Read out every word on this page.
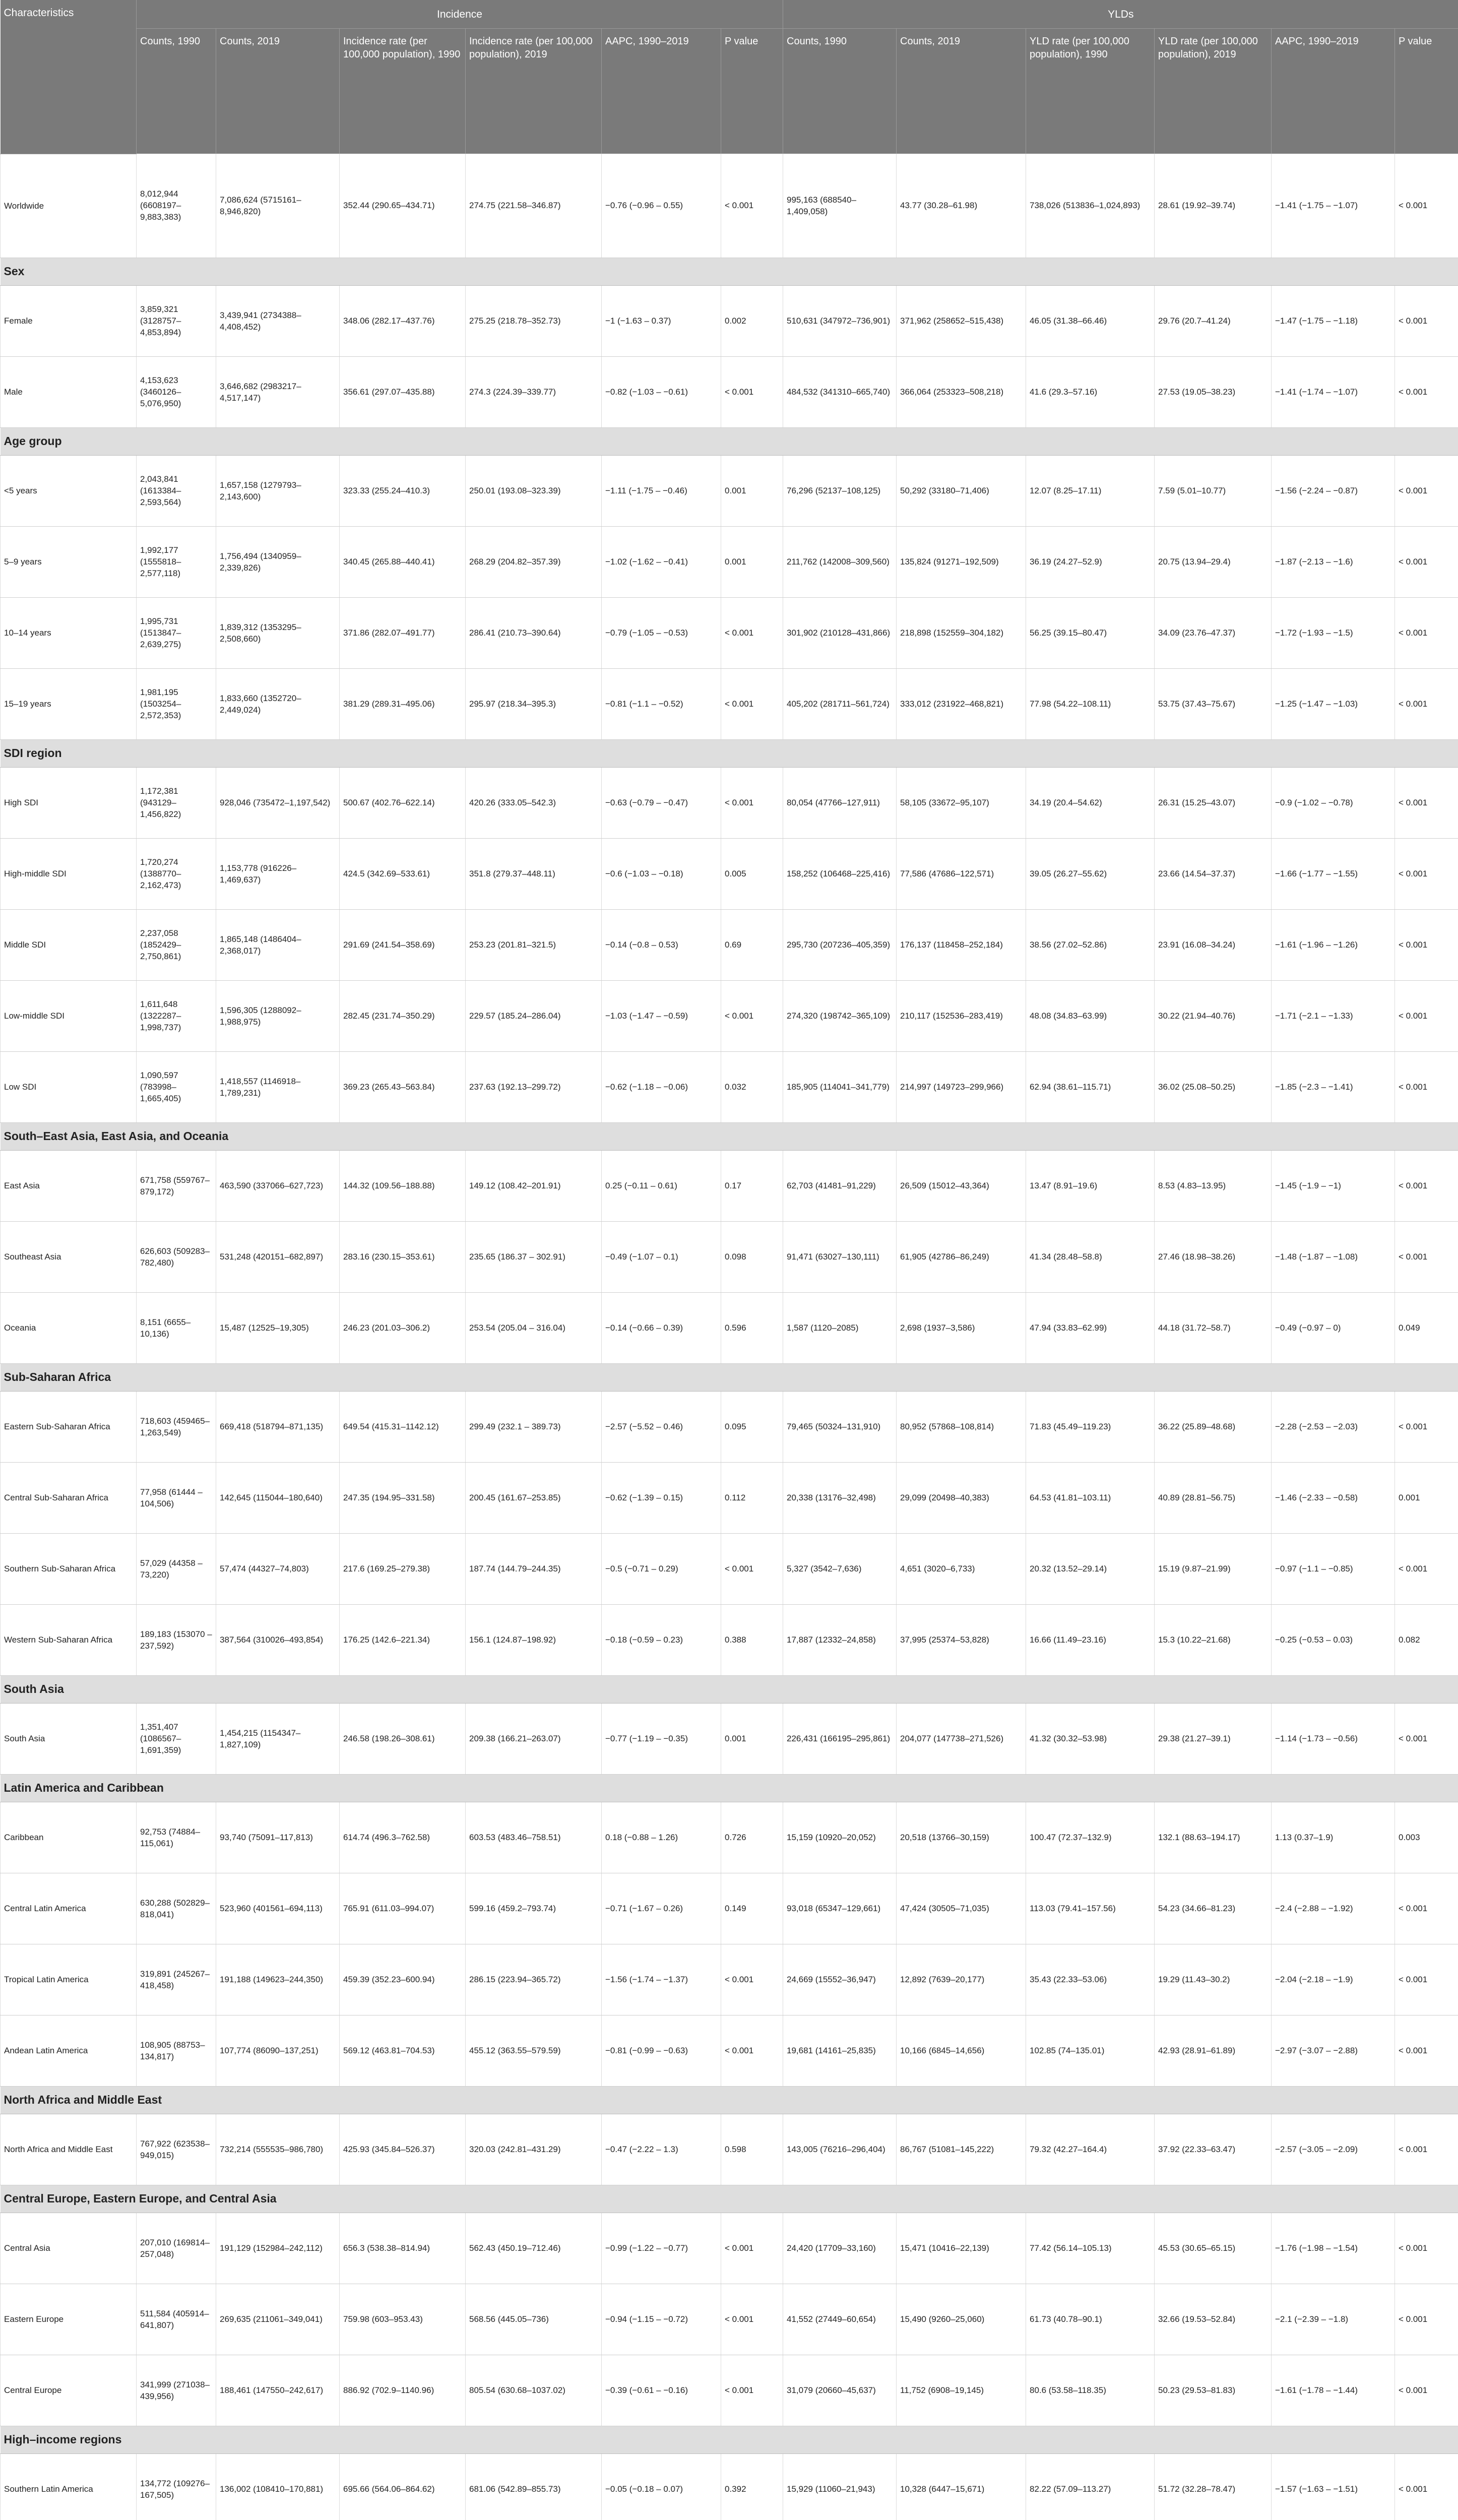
Characteristics	Incidence						YLDs					
	Counts, 1990	Counts, 2019	Incidence rate (per 100,000 population), 1990	Incidence rate (per 100,000 population), 2019	AAPC, 1990–2019	P value	Counts, 1990	Counts, 2019	YLD rate (per 100,000 population), 1990	YLD rate (per 100,000 population), 2019	AAPC, 1990–2019	P value
Worldwide	8,012,944 (6608197–9,883,383)	7,086,624 (5715161–8,946,820)	352.44 (290.65–434.71)	274.75 (221.58–346.87)	−0.76 (−0.96 – 0.55)	< 0.001	995,163 (688540–1,409,058)	43.77 (30.28–61.98)	738,026 (513836–1,024,893)	28.61 (19.92–39.74)	−1.41 (−1.75 – −1.07)	< 0.001
Sex												
Female	3,859,321 (3128757–4,853,894)	3,439,941 (2734388–4,408,452)	348.06 (282.17–437.76)	275.25 (218.78–352.73)	−1 (−1.63 – 0.37)	0.002	510,631 (347972–736,901)	371,962 (258652–515,438)	46.05 (31.38–66.46)	29.76 (20.7–41.24)	−1.47 (−1.75 – −1.18)	< 0.001
Male	4,153,623 (3460126–5,076,950)	3,646,682 (2983217–4,517,147)	356.61 (297.07–435.88)	274.3 (224.39–339.77)	−0.82 (−1.03 – −0.61)	< 0.001	484,532 (341310–665,740)	366,064 (253323–508,218)	41.6 (29.3–57.16)	27.53 (19.05–38.23)	−1.41 (−1.74 – −1.07)	< 0.001
Age group												
<5 years	2,043,841 (1613384–2,593,564)	1,657,158 (1279793–2,143,600)	323.33 (255.24–410.3)	250.01 (193.08–323.39)	−1.11 (−1.75 – −0.46)	0.001	76,296 (52137–108,125)	50,292 (33180–71,406)	12.07 (8.25–17.11)	7.59 (5.01–10.77)	−1.56 (−2.24 – −0.87)	< 0.001
5–9 years	1,992,177 (1555818–2,577,118)	1,756,494 (1340959–2,339,826)	340.45 (265.88–440.41)	268.29 (204.82–357.39)	−1.02 (−1.62 – −0.41)	0.001	211,762 (142008–309,560)	135,824 (91271–192,509)	36.19 (24.27–52.9)	20.75 (13.94–29.4)	−1.87 (−2.13 – −1.6)	< 0.001
10–14 years	1,995,731 (1513847–2,639,275)	1,839,312 (1353295–2,508,660)	371.86 (282.07–491.77)	286.41 (210.73–390.64)	−0.79 (−1.05 – −0.53)	< 0.001	301,902 (210128–431,866)	218,898 (152559–304,182)	56.25 (39.15–80.47)	34.09 (23.76–47.37)	−1.72 (−1.93 – −1.5)	< 0.001
15–19 years	1,981,195 (1503254–2,572,353)	1,833,660 (1352720–2,449,024)	381.29 (289.31–495.06)	295.97 (218.34–395.3)	−0.81 (−1.1 – −0.52)	< 0.001	405,202 (281711–561,724)	333,012 (231922–468,821)	77.98 (54.22–108.11)	53.75 (37.43–75.67)	−1.25 (−1.47 – −1.03)	< 0.001
SDI region												
High SDI	1,172,381 (943129–1,456,822)	928,046 (735472–1,197,542)	500.67 (402.76–622.14)	420.26 (333.05–542.3)	−0.63 (−0.79 – −0.47)	< 0.001	80,054 (47766–127,911)	58,105 (33672–95,107)	34.19 (20.4–54.62)	26.31 (15.25–43.07)	−0.9 (−1.02 – −0.78)	< 0.001
High-middle SDI	1,720,274 (1388770–2,162,473)	1,153,778 (916226–1,469,637)	424.5 (342.69–533.61)	351.8 (279.37–448.11)	−0.6 (−1.03 – −0.18)	0.005	158,252 (106468–225,416)	77,586 (47686–122,571)	39.05 (26.27–55.62)	23.66 (14.54–37.37)	−1.66 (−1.77 – −1.55)	< 0.001
Middle SDI	2,237,058 (1852429–2,750,861)	1,865,148 (1486404–2,368,017)	291.69 (241.54–358.69)	253.23 (201.81–321.5)	−0.14 (−0.8 – 0.53)	0.69	295,730 (207236–405,359)	176,137 (118458–252,184)	38.56 (27.02–52.86)	23.91 (16.08–34.24)	−1.61 (−1.96 – −1.26)	< 0.001
Low-middle SDI	1,611,648 (1322287–1,998,737)	1,596,305 (1288092–1,988,975)	282.45 (231.74–350.29)	229.57 (185.24–286.04)	−1.03 (−1.47 – −0.59)	< 0.001	274,320 (198742–365,109)	210,117 (152536–283,419)	48.08 (34.83–63.99)	30.22 (21.94–40.76)	−1.71 (−2.1 – −1.33)	< 0.001
Low SDI	1,090,597 (783998–1,665,405)	1,418,557 (1146918–1,789,231)	369.23 (265.43–563.84)	237.63 (192.13–299.72)	−0.62 (−1.18 – −0.06)	0.032	185,905 (114041–341,779)	214,997 (149723–299,966)	62.94 (38.61–115.71)	36.02 (25.08–50.25)	−1.85 (−2.3 – −1.41)	< 0.001
South–East Asia, East Asia, and Oceania												
East Asia	671,758 (559767–879,172)	463,590 (337066–627,723)	144.32 (109.56–188.88)	149.12 (108.42–201.91)	0.25 (−0.11 – 0.61)	0.17	62,703 (41481–91,229)	26,509 (15012–43,364)	13.47 (8.91–19.6)	8.53 (4.83–13.95)	−1.45 (−1.9 – −1)	< 0.001
Southeast Asia	626,603 (509283–782,480)	531,248 (420151–682,897)	283.16 (230.15–353.61)	235.65 (186.37 – 302.91)	−0.49 (−1.07 – 0.1)	0.098	91,471 (63027–130,111)	61,905 (42786–86,249)	41.34 (28.48–58.8)	27.46 (18.98–38.26)	−1.48 (−1.87 – −1.08)	< 0.001
Oceania	8,151 (6655–10,136)	15,487 (12525–19,305)	246.23 (201.03–306.2)	253.54 (205.04 – 316.04)	−0.14 (−0.66 – 0.39)	0.596	1,587 (1120–2085)	2,698 (1937–3,586)	47.94 (33.83–62.99)	44.18 (31.72–58.7)	−0.49 (−0.97 – 0)	0.049
Sub-Saharan Africa												
Eastern Sub-Saharan Africa	718,603 (459465–1,263,549)	669,418 (518794–871,135)	649.54 (415.31–1142.12)	299.49 (232.1 – 389.73)	−2.57 (−5.52 – 0.46)	0.095	79,465 (50324–131,910)	80,952 (57868–108,814)	71.83 (45.49–119.23)	36.22 (25.89–48.68)	−2.28 (−2.53 – −2.03)	< 0.001
Central Sub-Saharan Africa	77,958 (61444 – 104,506)	142,645 (115044–180,640)	247.35 (194.95–331.58)	200.45 (161.67–253.85)	−0.62 (−1.39 – 0.15)	0.112	20,338 (13176–32,498)	29,099 (20498–40,383)	64.53 (41.81–103.11)	40.89 (28.81–56.75)	−1.46 (−2.33 – −0.58)	0.001
Southern Sub-Saharan Africa	57,029 (44358 – 73,220)	57,474 (44327–74,803)	217.6 (169.25–279.38)	187.74 (144.79–244.35)	−0.5 (−0.71 – 0.29)	< 0.001	5,327 (3542–7,636)	4,651 (3020–6,733)	20.32 (13.52–29.14)	15.19 (9.87–21.99)	−0.97 (−1.1 – −0.85)	< 0.001
Western Sub-Saharan Africa	189,183 (153070 – 237,592)	387,564 (310026–493,854)	176.25 (142.6–221.34)	156.1 (124.87–198.92)	−0.18 (−0.59 – 0.23)	0.388	17,887 (12332–24,858)	37,995 (25374–53,828)	16.66 (11.49–23.16)	15.3 (10.22–21.68)	−0.25 (−0.53 – 0.03)	0.082
South Asia												
South Asia	1,351,407 (1086567–1,691,359)	1,454,215 (1154347–1,827,109)	246.58 (198.26–308.61)	209.38 (166.21–263.07)	−0.77 (−1.19 – −0.35)	0.001	226,431 (166195–295,861)	204,077 (147738–271,526)	41.32 (30.32–53.98)	29.38 (21.27–39.1)	−1.14 (−1.73 – −0.56)	< 0.001
Latin America and Caribbean												
Caribbean	92,753 (74884–115,061)	93,740 (75091–117,813)	614.74 (496.3–762.58)	603.53 (483.46–758.51)	0.18 (−0.88 – 1.26)	0.726	15,159 (10920–20,052)	20,518 (13766–30,159)	100.47 (72.37–132.9)	132.1 (88.63–194.17)	1.13 (0.37–1.9)	0.003
Central Latin America	630,288 (502829–818,041)	523,960 (401561–694,113)	765.91 (611.03–994.07)	599.16 (459.2–793.74)	−0.71 (−1.67 – 0.26)	0.149	93,018 (65347–129,661)	47,424 (30505–71,035)	113.03 (79.41–157.56)	54.23 (34.66–81.23)	−2.4 (−2.88 – −1.92)	< 0.001
Tropical Latin America	319,891 (245267–418,458)	191,188 (149623–244,350)	459.39 (352.23–600.94)	286.15 (223.94–365.72)	−1.56 (−1.74 – −1.37)	< 0.001	24,669 (15552–36,947)	12,892 (7639–20,177)	35.43 (22.33–53.06)	19.29 (11.43–30.2)	−2.04 (−2.18 – −1.9)	< 0.001
Andean Latin America	108,905 (88753–134,817)	107,774 (86090–137,251)	569.12 (463.81–704.53)	455.12 (363.55–579.59)	−0.81 (−0.99 – −0.63)	< 0.001	19,681 (14161–25,835)	10,166 (6845–14,656)	102.85 (74–135.01)	42.93 (28.91–61.89)	−2.97 (−3.07 – −2.88)	< 0.001
North Africa and Middle East												
North Africa and Middle East	767,922 (623538–949,015)	732,214 (555535–986,780)	425.93 (345.84–526.37)	320.03 (242.81–431.29)	−0.47 (−2.22 – 1.3)	0.598	143,005 (76216–296,404)	86,767 (51081–145,222)	79.32 (42.27–164.4)	37.92 (22.33–63.47)	−2.57 (−3.05 – −2.09)	< 0.001
Central Europe, Eastern Europe, and Central Asia												
Central Asia	207,010 (169814–257,048)	191,129 (152984–242,112)	656.3 (538.38–814.94)	562.43 (450.19–712.46)	−0.99 (−1.22 – −0.77)	< 0.001	24,420 (17709–33,160)	15,471 (10416–22,139)	77.42 (56.14–105.13)	45.53 (30.65–65.15)	−1.76 (−1.98 – −1.54)	< 0.001
Eastern Europe	511,584 (405914–641,807)	269,635 (211061–349,041)	759.98 (603–953.43)	568.56 (445.05–736)	−0.94 (−1.15 – −0.72)	< 0.001	41,552 (27449–60,654)	15,490 (9260–25,060)	61.73 (40.78–90.1)	32.66 (19.53–52.84)	−2.1 (−2.39 – −1.8)	< 0.001
Central Europe	341,999 (271038–439,956)	188,461 (147550–242,617)	886.92 (702.9–1140.96)	805.54 (630.68–1037.02)	−0.39 (−0.61 – −0.16)	< 0.001	31,079 (20660–45,637)	11,752 (6908–19,145)	80.6 (53.58–118.35)	50.23 (29.53–81.83)	−1.61 (−1.78 – −1.44)	< 0.001
High–income regions												
Southern Latin America	134,772 (109276–167,505)	136,002 (108410–170,881)	695.66 (564.06–864.62)	681.06 (542.89–855.73)	−0.05 (−0.18 – 0.07)	0.392	15,929 (11060–21,943)	10,328 (6447–15,671)	82.22 (57.09–113.27)	51.72 (32.28–78.47)	−1.57 (−1.63 – −1.51)	< 0.001
